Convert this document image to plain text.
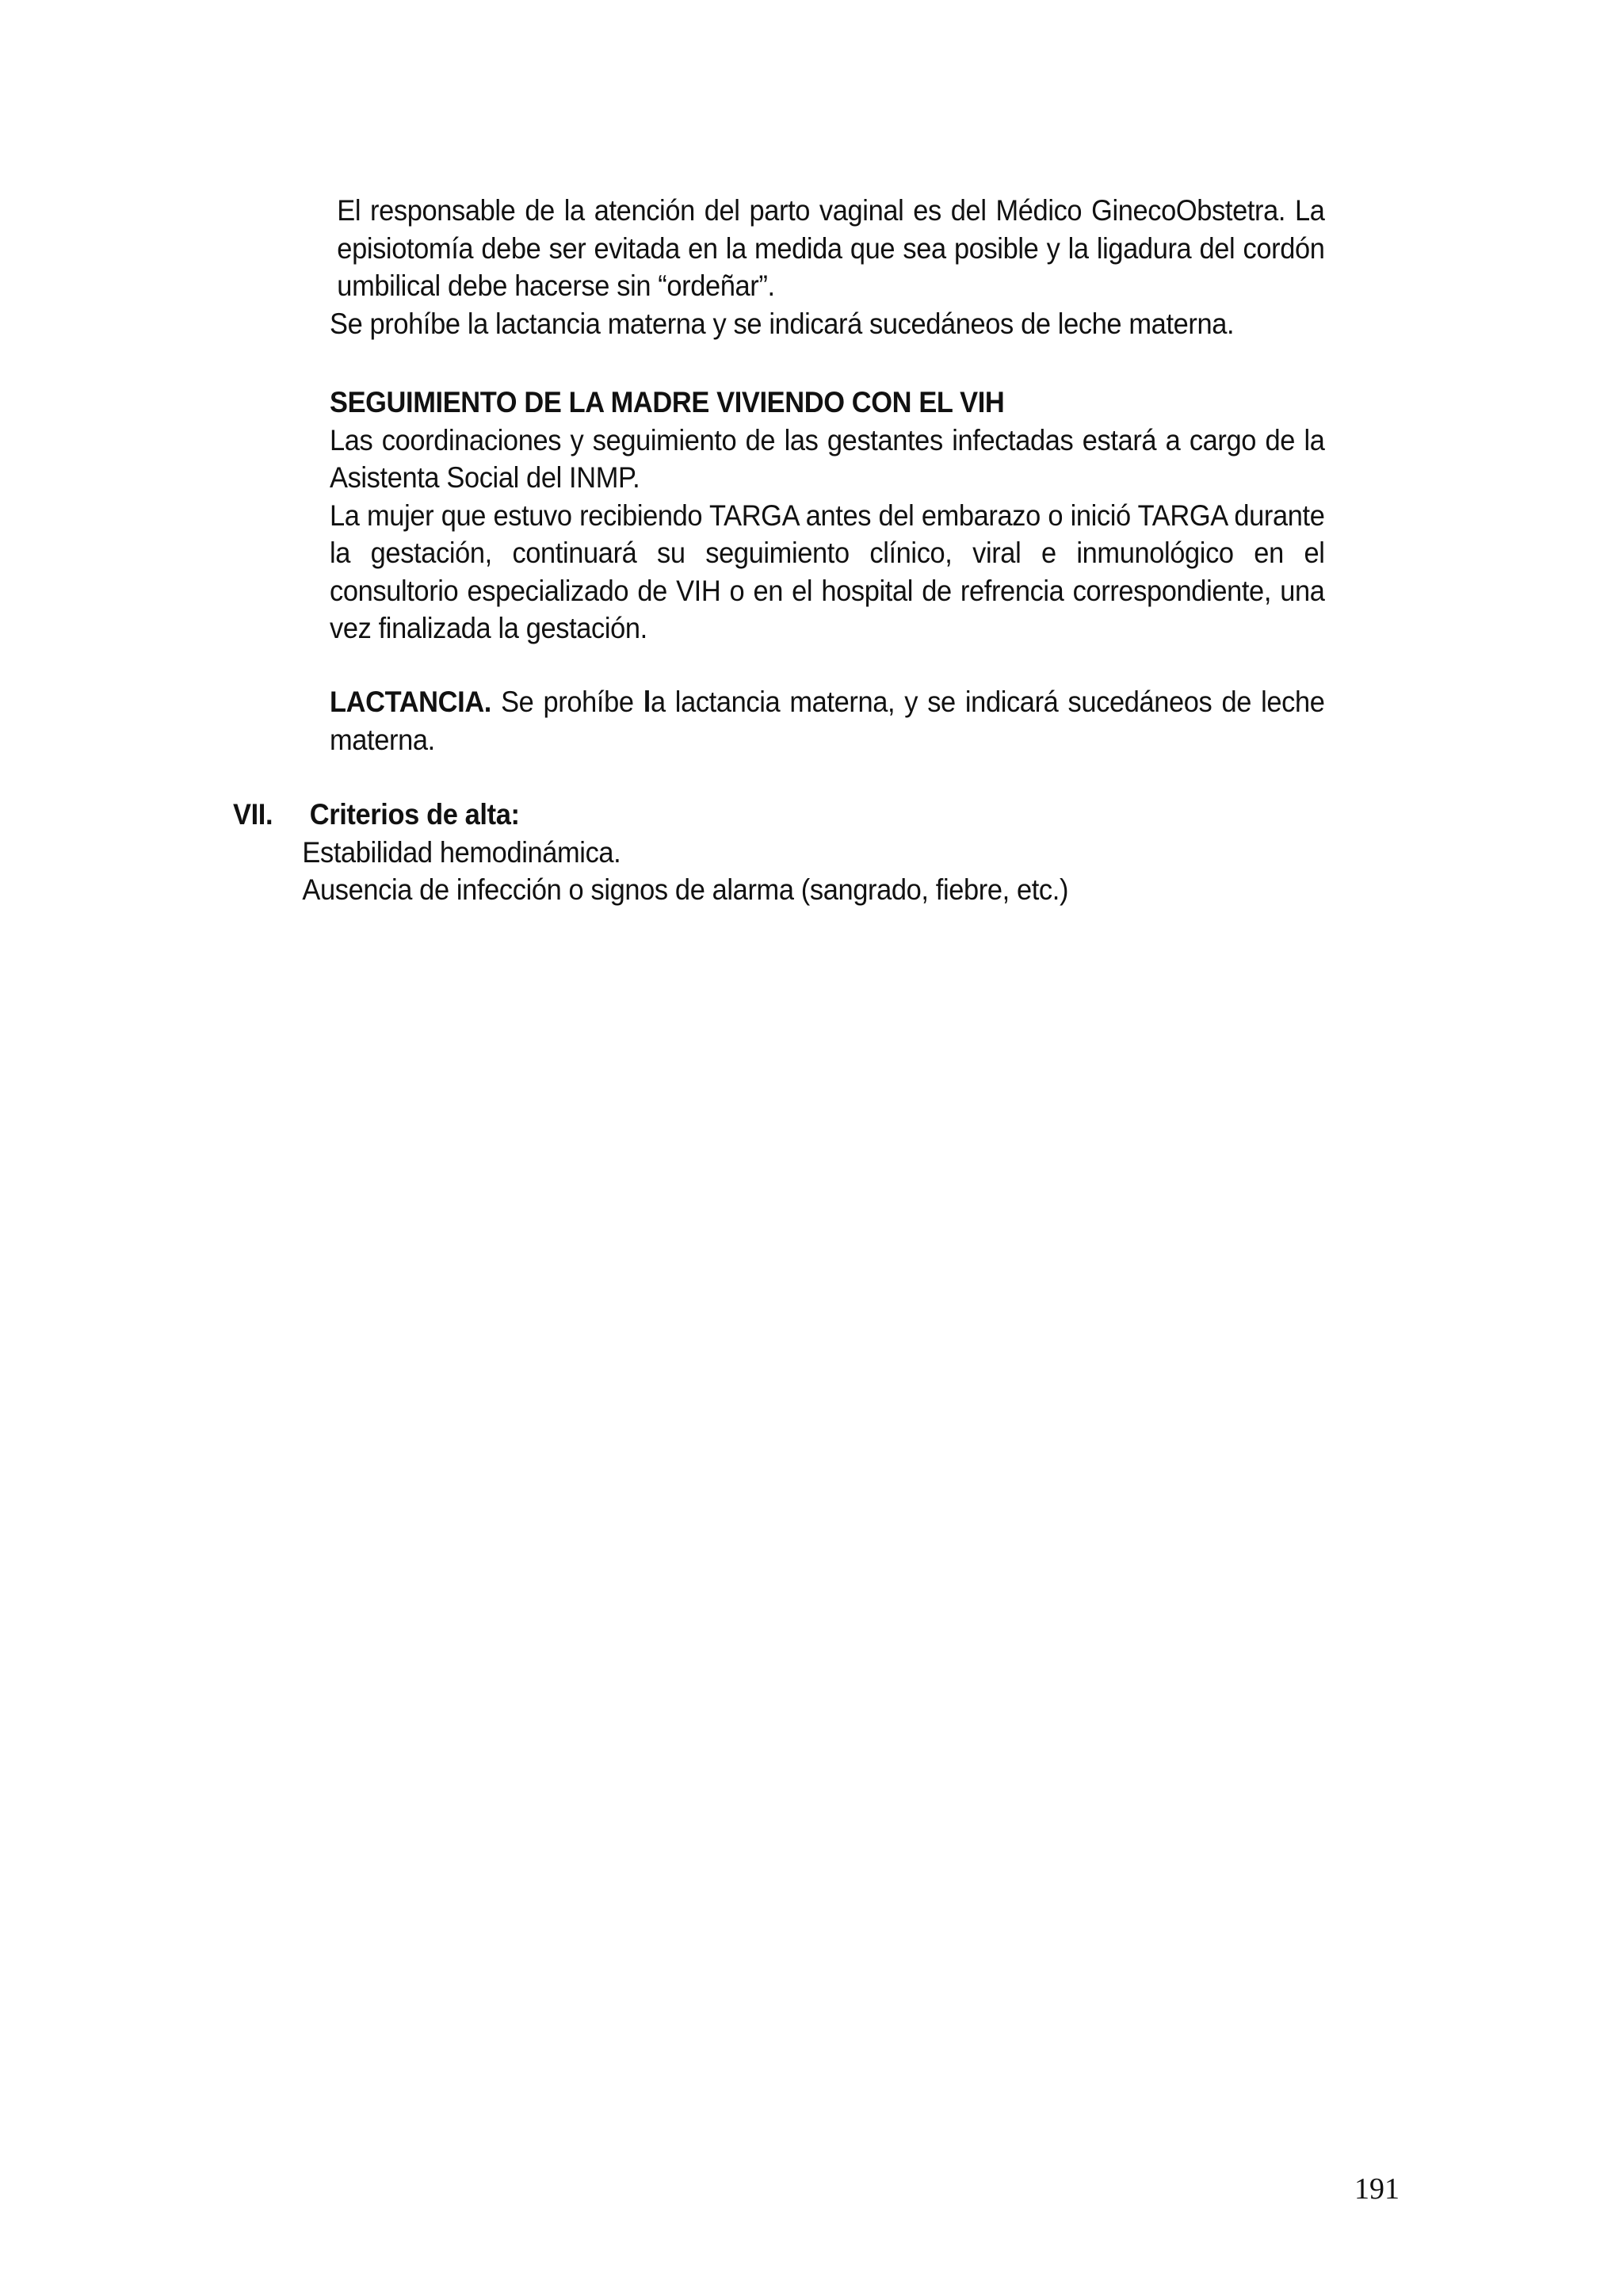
El responsable de la atención del parto vaginal es del Médico GinecoObstetra. La episiotomía debe ser evitada en la medida que sea posible y la ligadura del cordón umbilical debe hacerse sin “ordeñar”.

Se prohíbe la lactancia materna y se indicará sucedáneos de leche materna.

SEGUIMIENTO DE LA MADRE VIVIENDO CON EL VIH

Las coordinaciones y seguimiento de las gestantes infectadas estará a cargo de la Asistenta Social del INMP.

La mujer que estuvo recibiendo TARGA antes del embarazo o inició TARGA durante la gestación, continuará su seguimiento clínico, viral e inmunológico en el consultorio especializado de VIH o en el hospital de refrencia correspondiente, una vez finalizada la gestación.

LACTANCIA. Se prohíbe la lactancia materna, y se indicará sucedáneos de leche materna.

VII. Criterios de alta:
Estabilidad hemodinámica.
Ausencia de infección o signos de alarma (sangrado, fiebre, etc.)
191
